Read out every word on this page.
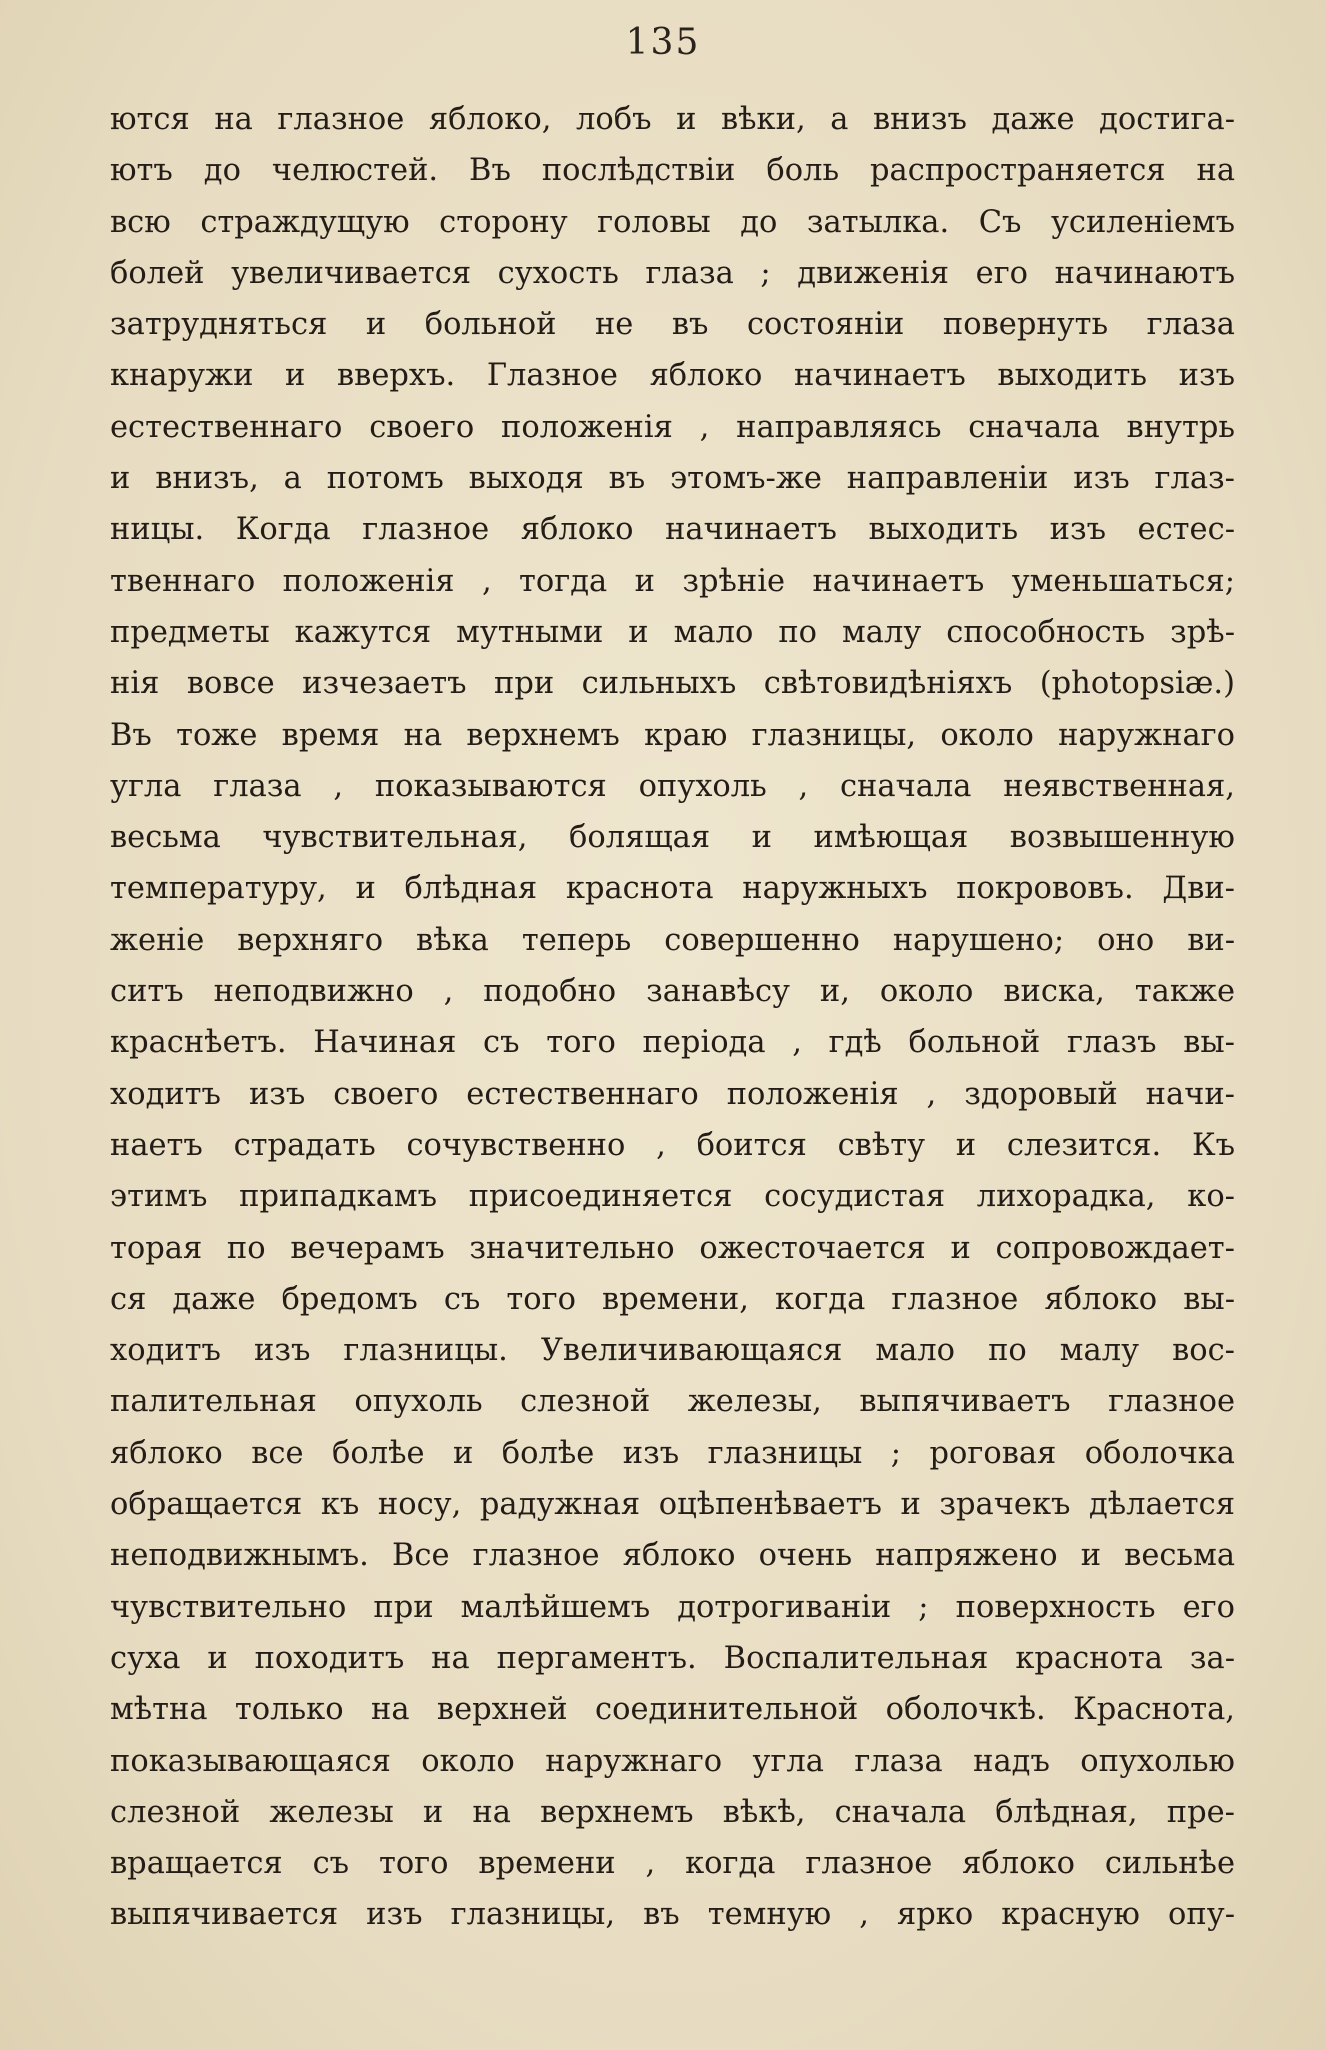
135
ются на глазное яблоко, лобъ и вѣки, а внизъ даже достига-
ютъ до челюстей. Въ послѣдствіи боль распространяется на
всю страждущую сторону головы до затылка. Съ усиленіемъ
болей увеличивается сухость глаза ; движенія его начинаютъ
затрудняться и больной не въ состояніи повернуть глаза
кнаружи и вверхъ. Глазное яблоко начинаетъ выходить изъ
естественнаго своего положенія , направляясь сначала внутрь
и внизъ, а потомъ выходя въ этомъ-же направленіи изъ глаз-
ницы. Когда глазное яблоко начинаетъ выходить изъ естес-
твеннаго положенія , тогда и зрѣніе начинаетъ уменьшаться;
предметы кажутся мутными и мало по малу способность зрѣ-
нія вовсе изчезаетъ при сильныхъ свѣтовидѣніяхъ (photopsiæ.)
Въ тоже время на верхнемъ краю глазницы, около наружнаго
угла глаза , показываются опухоль , сначала неявственная,
весьма чувствительная, болящая и имѣющая возвышенную
температуру, и блѣдная краснота наружныхъ покрововъ. Дви-
женіе верхняго вѣка теперь совершенно нарушено; оно ви-
ситъ неподвижно , подобно занавѣсу и, около виска, также
краснѣетъ. Начиная съ того періода , гдѣ больной глазъ вы-
ходитъ изъ своего естественнаго положенія , здоровый начи-
наетъ страдать сочувственно , боится свѣту и слезится. Къ
этимъ припадкамъ присоединяется сосудистая лихорадка, ко-
торая по вечерамъ значительно ожесточается и сопровождает-
ся даже бредомъ съ того времени, когда глазное яблоко вы-
ходитъ изъ глазницы. Увеличивающаяся мало по малу вос-
палительная опухоль слезной железы, выпячиваетъ глазное
яблоко все болѣе и болѣе изъ глазницы ; роговая оболочка
обращается къ носу, радужная оцѣпенѣваетъ и зрачекъ дѣлается
неподвижнымъ. Все глазное яблоко очень напряжено и весьма
чувствительно при малѣйшемъ дотрогиваніи ; поверхность его
суха и походитъ на пергаментъ. Воспалительная краснота за-
мѣтна только на верхней соединительной оболочкѣ. Краснота,
показывающаяся около наружнаго угла глаза надъ опухолью
слезной железы и на верхнемъ вѣкѣ, сначала блѣдная, пре-
вращается съ того времени , когда глазное яблоко сильнѣе
выпячивается изъ глазницы, въ темную , ярко красную опу-
